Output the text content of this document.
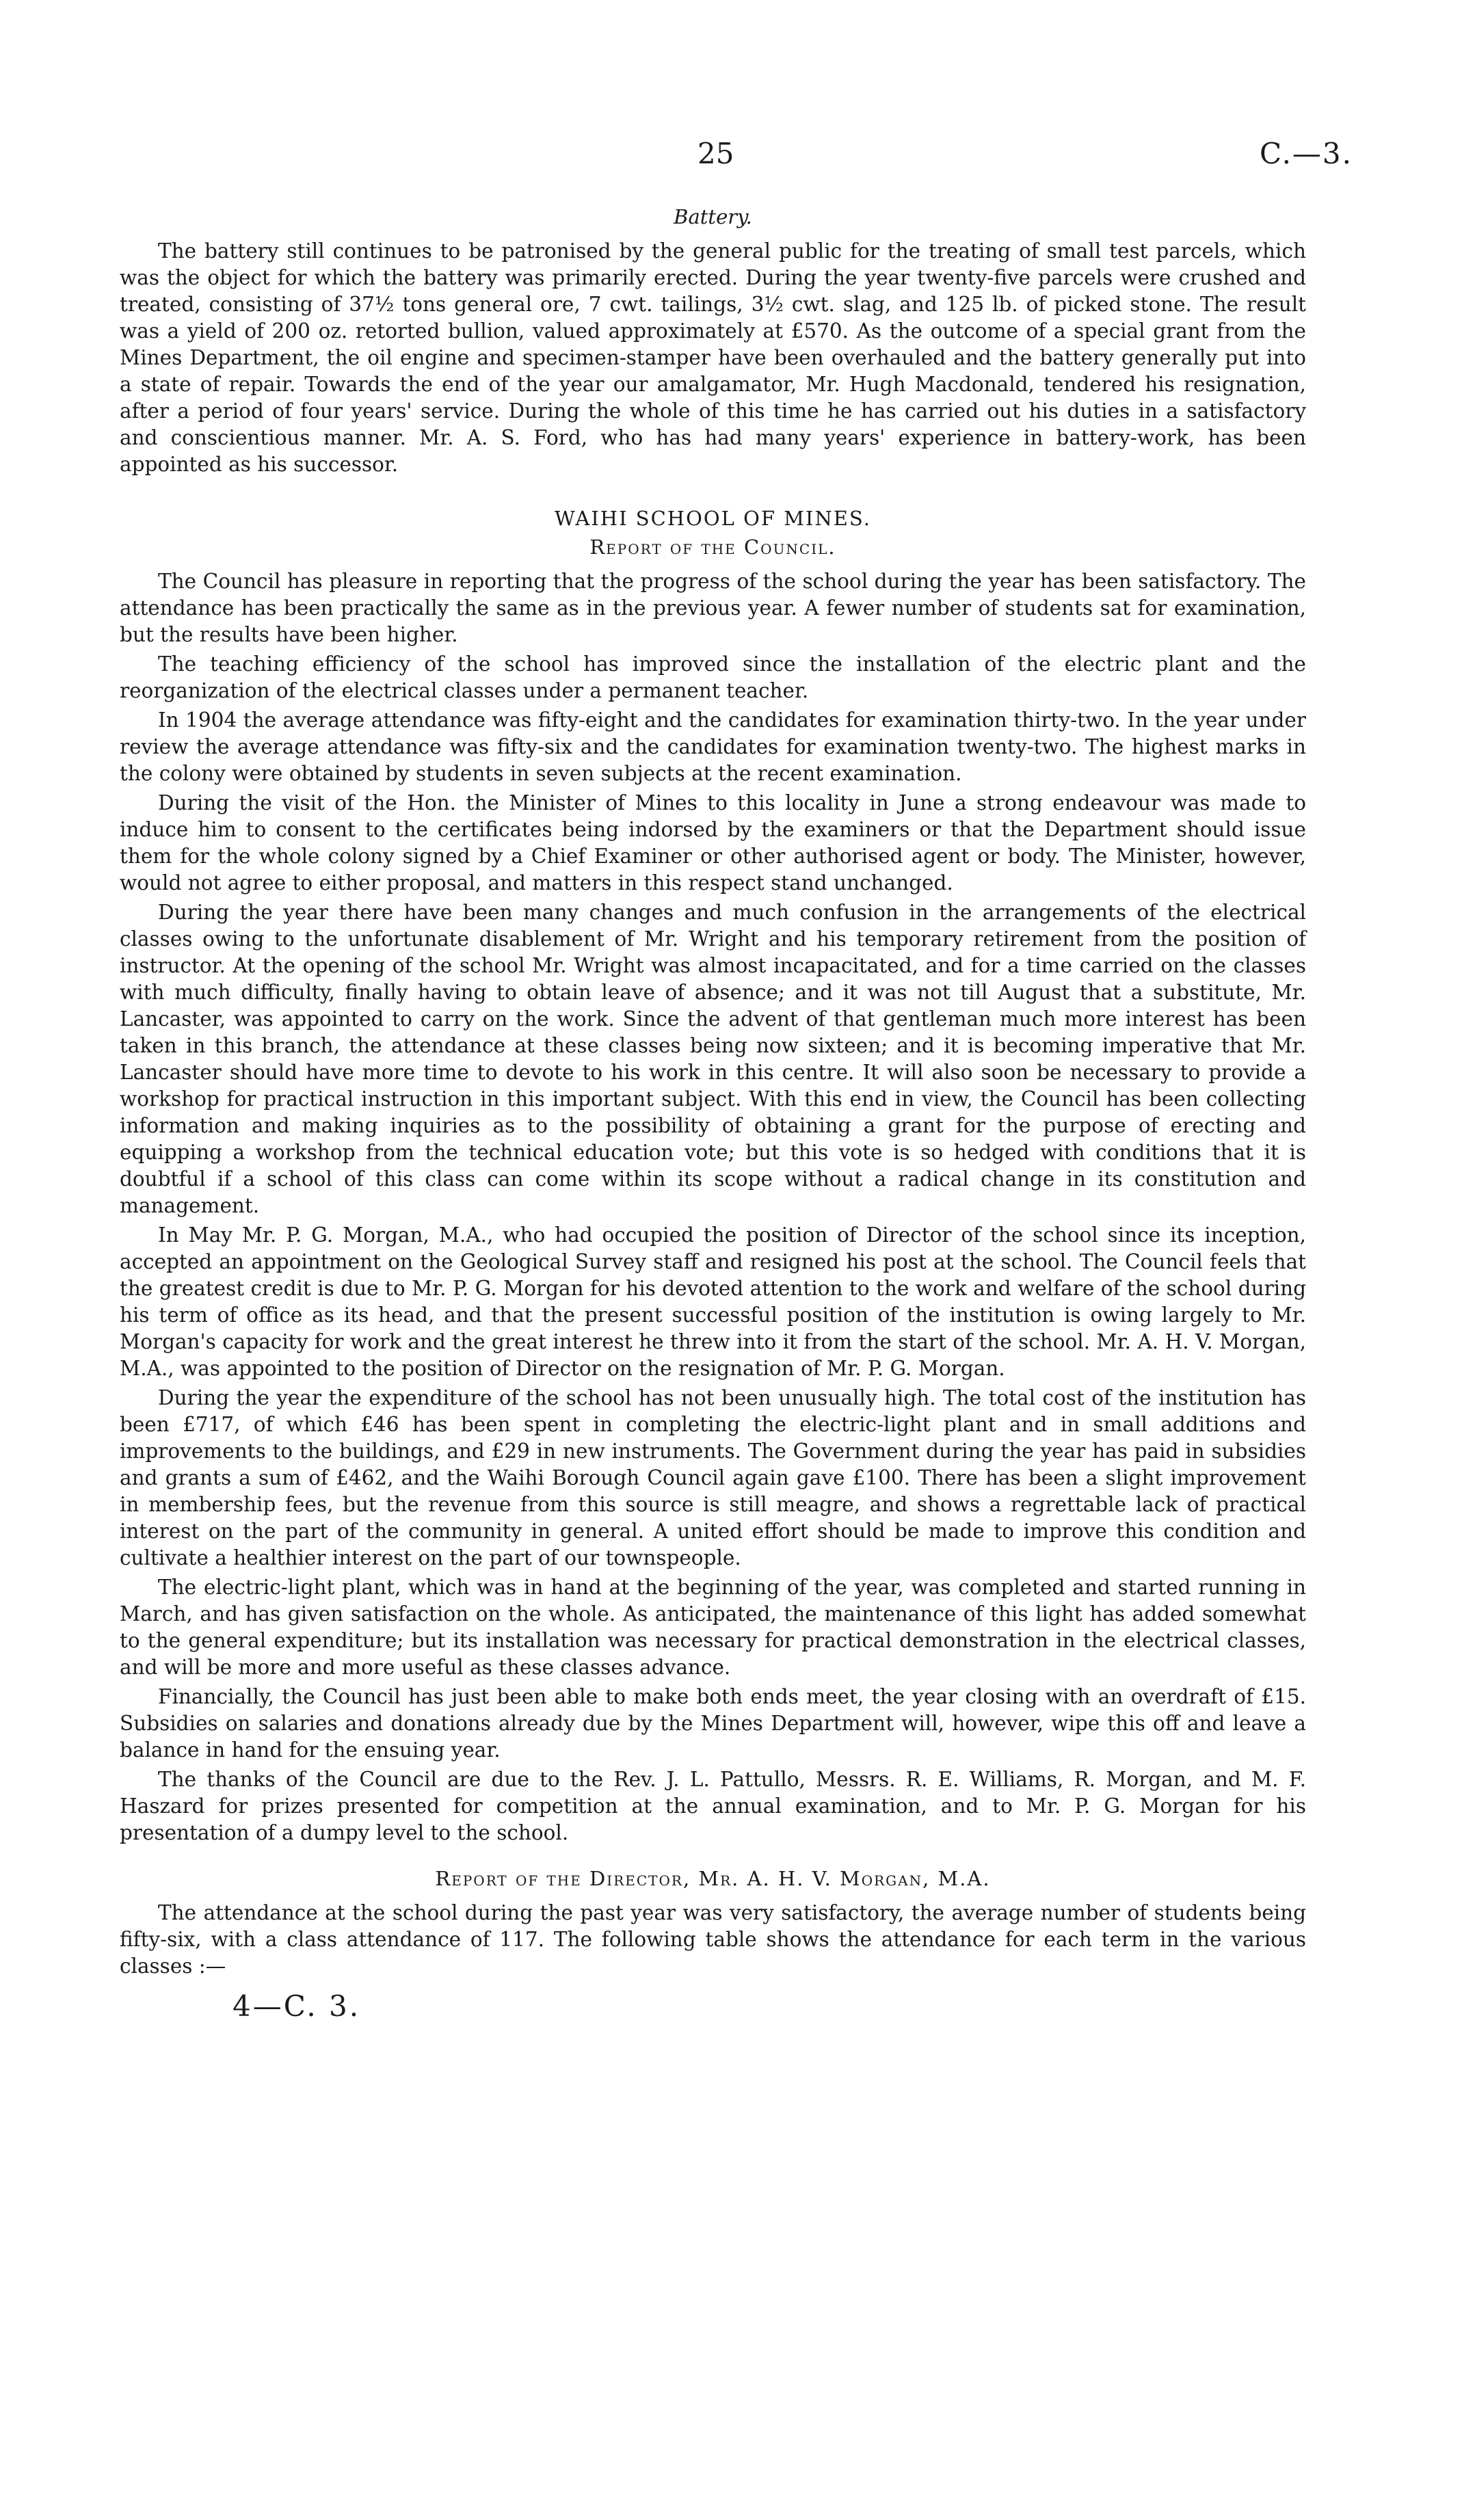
25	C.—3.
Battery.

The battery still continues to be patronised by the general public for the treating of small test parcels, which was the object for which the battery was primarily erected. During the year twenty-five parcels were crushed and treated, consisting of 37½ tons general ore, 7 cwt. tailings, 3½ cwt. slag, and 125 lb. of picked stone. The result was a yield of 200 oz. retorted bullion, valued approximately at £570. As the outcome of a special grant from the Mines Department, the oil engine and specimen-stamper have been overhauled and the battery generally put into a state of repair. Towards the end of the year our amalgamator, Mr. Hugh Macdonald, tendered his resignation, after a period of four years' service. During the whole of this time he has carried out his duties in a satisfactory and conscientious manner. Mr. A. S. Ford, who has had many years' experience in battery-work, has been appointed as his successor.

WAIHI SCHOOL OF MINES.
Report of the Council.

The Council has pleasure in reporting that the progress of the school during the year has been satisfactory. The attendance has been practically the same as in the previous year. A fewer number of students sat for examination, but the results have been higher.

The teaching efficiency of the school has improved since the installation of the electric plant and the reorganization of the electrical classes under a permanent teacher.

In 1904 the average attendance was fifty-eight and the candidates for examination thirty-two. In the year under review the average attendance was fifty-six and the candidates for examination twenty-two. The highest marks in the colony were obtained by students in seven subjects at the recent examination.

During the visit of the Hon. the Minister of Mines to this locality in June a strong endeavour was made to induce him to consent to the certificates being indorsed by the examiners or that the Department should issue them for the whole colony signed by a Chief Examiner or other authorised agent or body. The Minister, however, would not agree to either proposal, and matters in this respect stand unchanged.

During the year there have been many changes and much confusion in the arrangements of the electrical classes owing to the unfortunate disablement of Mr. Wright and his temporary retirement from the position of instructor. At the opening of the school Mr. Wright was almost incapacitated, and for a time carried on the classes with much difficulty, finally having to obtain leave of absence; and it was not till August that a substitute, Mr. Lancaster, was appointed to carry on the work. Since the advent of that gentleman much more interest has been taken in this branch, the attendance at these classes being now sixteen; and it is becoming imperative that Mr. Lancaster should have more time to devote to his work in this centre. It will also soon be necessary to provide a workshop for practical instruction in this important subject. With this end in view, the Council has been collecting information and making inquiries as to the possibility of obtaining a grant for the purpose of erecting and equipping a workshop from the technical education vote; but this vote is so hedged with conditions that it is doubtful if a school of this class can come within its scope without a radical change in its constitution and management.

In May Mr. P. G. Morgan, M.A., who had occupied the position of Director of the school since its inception, accepted an appointment on the Geological Survey staff and resigned his post at the school. The Council feels that the greatest credit is due to Mr. P. G. Morgan for his devoted attention to the work and welfare of the school during his term of office as its head, and that the present successful position of the institution is owing largely to Mr. Morgan's capacity for work and the great interest he threw into it from the start of the school. Mr. A. H. V. Morgan, M.A., was appointed to the position of Director on the resignation of Mr. P. G. Morgan.

During the year the expenditure of the school has not been unusually high. The total cost of the institution has been £717, of which £46 has been spent in completing the electric-light plant and in small additions and improvements to the buildings, and £29 in new instruments. The Government during the year has paid in subsidies and grants a sum of £462, and the Waihi Borough Council again gave £100. There has been a slight improvement in membership fees, but the revenue from this source is still meagre, and shows a regrettable lack of practical interest on the part of the community in general. A united effort should be made to improve this condition and cultivate a healthier interest on the part of our townspeople.

The electric-light plant, which was in hand at the beginning of the year, was completed and started running in March, and has given satisfaction on the whole. As anticipated, the maintenance of this light has added somewhat to the general expenditure; but its installation was necessary for practical demonstration in the electrical classes, and will be more and more useful as these classes advance.

Financially, the Council has just been able to make both ends meet, the year closing with an overdraft of £15. Subsidies on salaries and donations already due by the Mines Department will, however, wipe this off and leave a balance in hand for the ensuing year.

The thanks of the Council are due to the Rev. J. L. Pattullo, Messrs. R. E. Williams, R. Morgan, and M. F. Haszard for prizes presented for competition at the annual examination, and to Mr. P. G. Morgan for his presentation of a dumpy level to the school.

Report of the Director, Mr. A. H. V. Morgan, M.A.

The attendance at the school during the past year was very satisfactory, the average number of students being fifty-six, with a class attendance of 117. The following table shows the attendance for each term in the various classes :—

4—C. 3.
